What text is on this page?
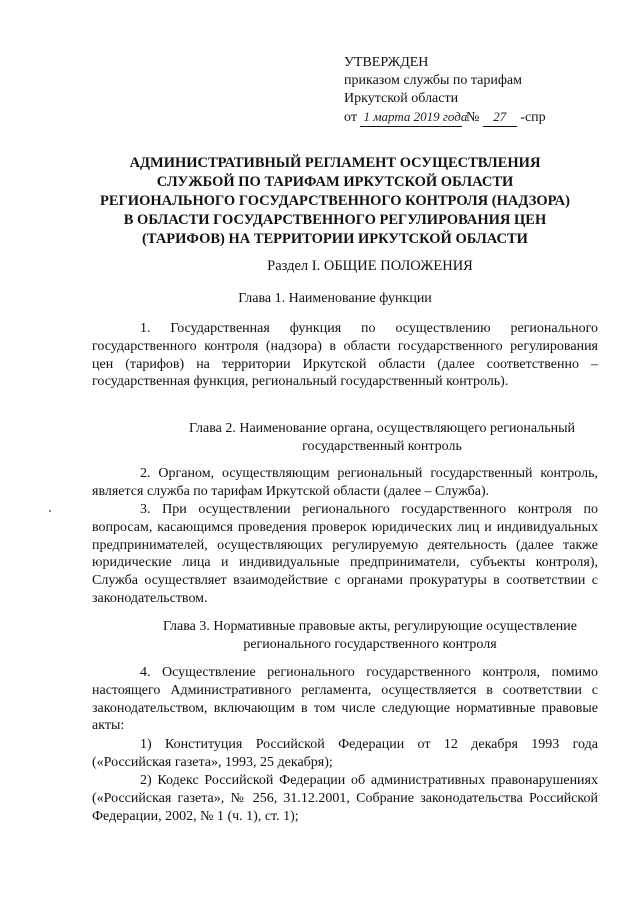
УТВЕРЖДЕН
приказом службы по тарифам
Иркутской области
от 1 марта 2019 года № 27 -спр
АДМИНИСТРАТИВНЫЙ РЕГЛАМЕНТ ОСУЩЕСТВЛЕНИЯ СЛУЖБОЙ ПО ТАРИФАМ ИРКУТСКОЙ ОБЛАСТИ РЕГИОНАЛЬНОГО ГОСУДАРСТВЕННОГО КОНТРОЛЯ (НАДЗОРА) В ОБЛАСТИ ГОСУДАРСТВЕННОГО РЕГУЛИРОВАНИЯ ЦЕН (ТАРИФОВ) НА ТЕРРИТОРИИ ИРКУТСКОЙ ОБЛАСТИ
Раздел I. ОБЩИЕ ПОЛОЖЕНИЯ
Глава 1. Наименование функции
1. Государственная функция по осуществлению регионального государственного контроля (надзора) в области государственного регулирования цен (тарифов) на территории Иркутской области (далее соответственно – государственная функция, региональный государственный контроль).
Глава 2. Наименование органа, осуществляющего региональный государственный контроль
2. Органом, осуществляющим региональный государственный контроль, является служба по тарифам Иркутской области (далее – Служба).
3. При осуществлении регионального государственного контроля по вопросам, касающимся проведения проверок юридических лиц и индивидуальных предпринимателей, осуществляющих регулируемую деятельность (далее также юридические лица и индивидуальные предприниматели, субъекты контроля), Служба осуществляет взаимодействие с органами прокуратуры в соответствии с законодательством.
Глава 3. Нормативные правовые акты, регулирующие осуществление регионального государственного контроля
4. Осуществление регионального государственного контроля, помимо настоящего Административного регламента, осуществляется в соответствии с законодательством, включающим в том числе следующие нормативные правовые акты:
1) Конституция Российской Федерации от 12 декабря 1993 года («Российская газета», 1993, 25 декабря);
2) Кодекс Российской Федерации об административных правонарушениях («Российская газета», № 256, 31.12.2001, Собрание законодательства Российской Федерации, 2002, № 1 (ч. 1), ст. 1);
